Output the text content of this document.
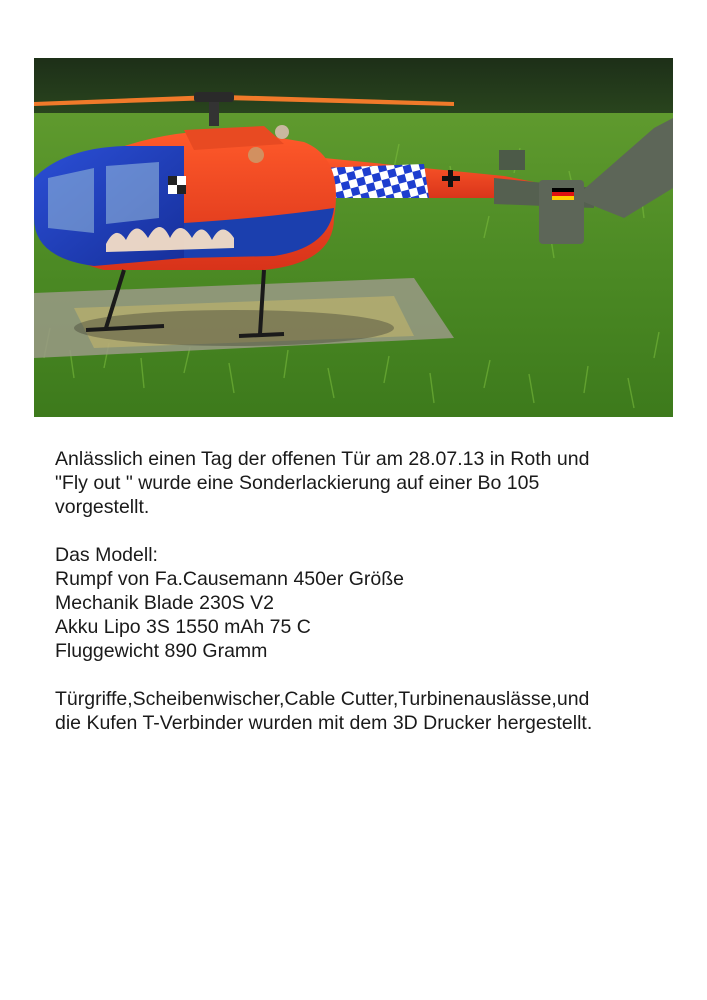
Anlässlich einen Tag der offenen Tür am 28.07.13 in Roth und

"Fly out " wurde eine Sonderlackierung auf einer Bo 105

vorgestellt.

Das Modell:

Rumpf von Fa.Causemann 450er Größe

Mechanik Blade 230S V2

Akku Lipo 3S 1550 mAh 75 C

Fluggewicht 890 Gramm

Türgriffe,Scheibenwischer,Cable Cutter,Turbinenauslässe,und

die Kufen T-Verbinder wurden mit dem 3D Drucker hergestellt.
